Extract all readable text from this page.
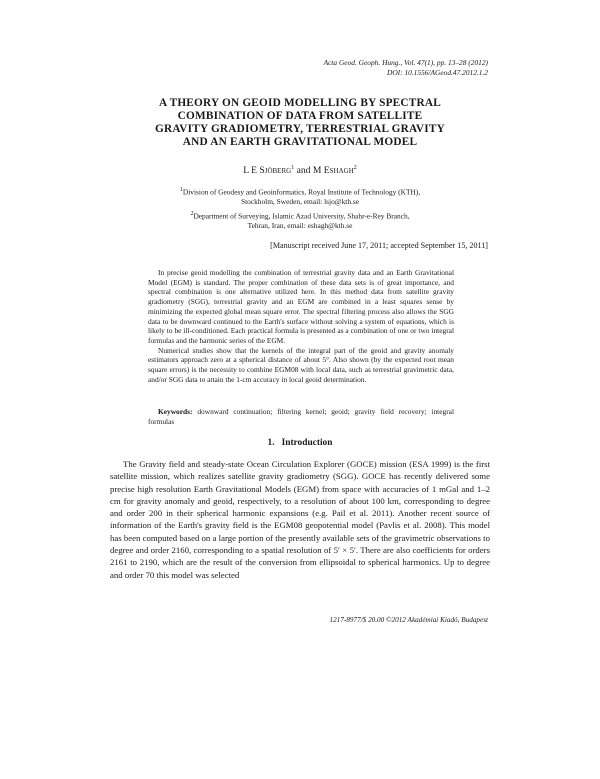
Acta Geod. Geoph. Hung., Vol. 47(1), pp. 13–28 (2012)
DOI: 10.1556/AGeod.47.2012.1.2
A THEORY ON GEOID MODELLING BY SPECTRAL
COMBINATION OF DATA FROM SATELLITE
GRAVITY GRADIOMETRY, TERRESTRIAL GRAVITY
AND AN EARTH GRAVITATIONAL MODEL
L E Sjöberg$^1$ and M Eshagh$^2$
$^1$Division of Geodesy and Geoinformatics, Royal Institute of Technology (KTH),
Stockholm, Sweden, email: lsjo@kth.se
$^2$Department of Surveying, Islamic Azad University, Shahr-e-Rey Branch,
Tehran, Iran, email: eshagh@kth.se
[Manuscript received June 17, 2011; accepted September 15, 2011]

In precise geoid modelling the combination of terrestrial gravity data and an Earth Gravitational Model (EGM) is standard. The proper combination of these data sets is of great importance, and spectral combination is one alternative utilized here. In this method data from satellite gravity gradiometry (SGG), terrestrial gravity and an EGM are combined in a least squares sense by minimizing the expected global mean square error. The spectral filtering process also allows the SGG data to be downward continued to the Earth's surface without solving a system of equations, which is likely to be ill-conditioned. Each practical formula is presented as a combination of one or two integral formulas and the harmonic series of the EGM.

Numerical studies show that the kernels of the integral part of the geoid and gravity anomaly estimators approach zero at a spherical distance of about 5°. Also shown (by the expected root mean square errors) is the necessity to combine EGM08 with local data, such as terrestrial gravimetric data, and/or SGG data to attain the 1-cm accuracy in local geoid determination.

Keywords: downward continuation; filtering kernel; geoid; gravity field recovery; integral formulas
1. Introduction

The Gravity field and steady-state Ocean Circulation Explorer (GOCE) mission (ESA 1999) is the first satellite mission, which realizes satellite gravity gradiometry (SGG). GOCE has recently delivered some precise high resolution Earth Gravitational Models (EGM) from space with accuracies of 1 mGal and 1–2 cm for gravity anomaly and geoid, respectively, to a resolution of about 100 km, corresponding to degree and order 200 in their spherical harmonic expansions (e.g. Pail et al. 2011). Another recent source of information of the Earth's gravity field is the EGM08 geopotential model (Pavlis et al. 2008). This model has been computed based on a large portion of the presently available sets of the gravimetric observations to degree and order 2160, corresponding to a spatial resolution of 5′ × 5′. There are also coefficients for orders 2161 to 2190, which are the result of the conversion from ellipsoidal to spherical harmonics. Up to degree and order 70 this model was selected

1217-8977/$ 20.00 ©2012 Akadémiai Kiadó, Budapest
